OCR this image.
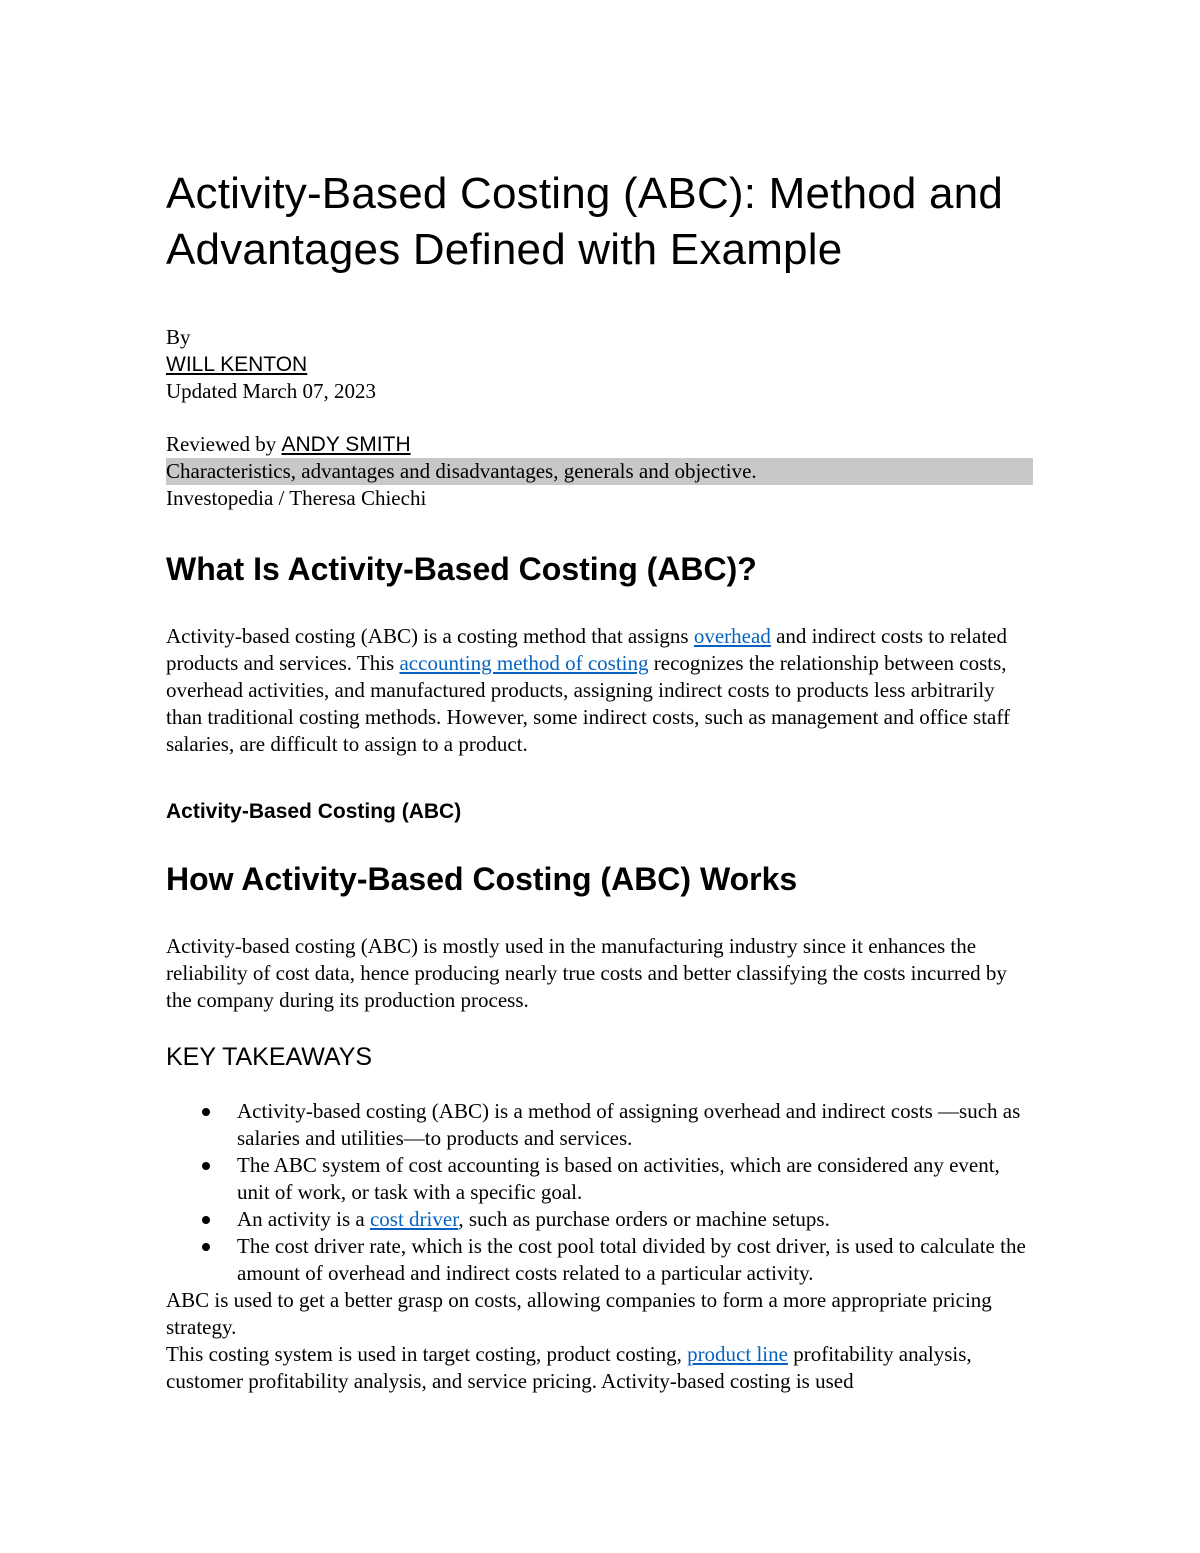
Activity-Based Costing (ABC): Method and Advantages Defined with Example

By

WILL KENTON

Updated March 07, 2023

Reviewed by ANDY SMITH

Characteristics, advantages and disadvantages, generals and objective.

Investopedia / Theresa Chiechi

What Is Activity-Based Costing (ABC)?

Activity-based costing (ABC) is a costing method that assigns overhead and indirect costs to related products and services. This accounting method of costing recognizes the relationship between costs, overhead activities, and manufactured products, assigning indirect costs to products less arbitrarily than traditional costing methods. However, some indirect costs, such as management and office staff salaries, are difficult to assign to a product.

Activity-Based Costing (ABC)

How Activity-Based Costing (ABC) Works

Activity-based costing (ABC) is mostly used in the manufacturing industry since it enhances the reliability of cost data, hence producing nearly true costs and better classifying the costs incurred by the company during its production process.

KEY TAKEAWAYS

Activity-based costing (ABC) is a method of assigning overhead and indirect costs —such as salaries and utilities—to products and services.
The ABC system of cost accounting is based on activities, which are considered any event, unit of work, or task with a specific goal.
An activity is a cost driver, such as purchase orders or machine setups.
The cost driver rate, which is the cost pool total divided by cost driver, is used to calculate the amount of overhead and indirect costs related to a particular activity.

ABC is used to get a better grasp on costs, allowing companies to form a more appropriate pricing strategy.

This costing system is used in target costing, product costing, product line profitability analysis, customer profitability analysis, and service pricing. Activity-based costing is used
